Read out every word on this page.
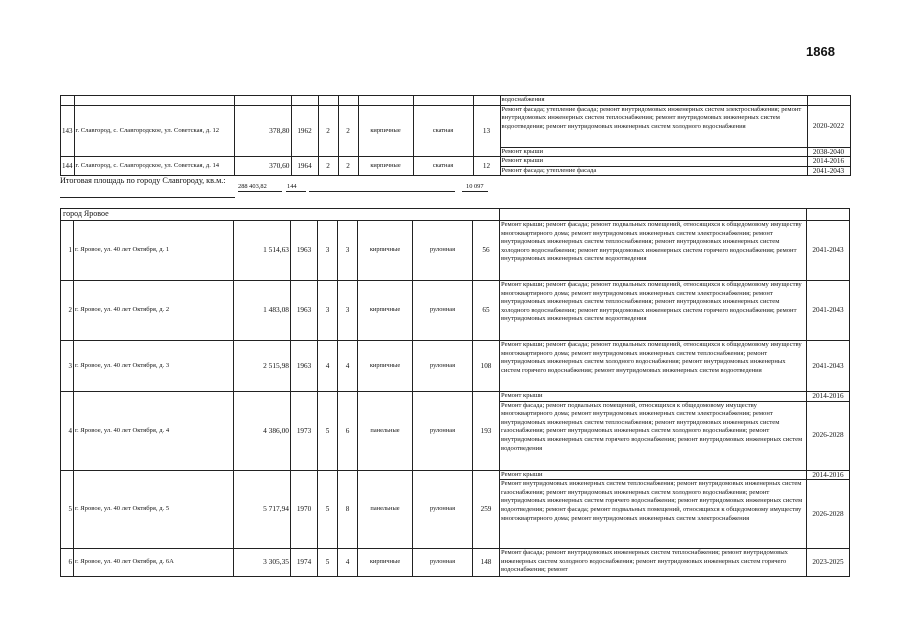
1868
									водоснабжения	
143	г. Славгород, с. Славгородское, ул. Советская, д. 12	378,80	1962	2	2	кирпичные	скатная	13	Ремонт фасада; утепление фасада; ремонт внутридомовых инженерных систем электроснабжения; ремонт внутридомовых инженерных систем теплоснабжения; ремонт внутридомовых инженерных систем водоотведения; ремонт внутридомовых инженерных систем холодного водоснабжения	2020-2022
									Ремонт крыши	2038-2040
144	г. Славгород, с. Славгородское, ул. Советская, д. 14	370,60	1964	2	2	кирпичные	скатная	12	Ремонт крыши	2014-2016
									Ремонт фасада; утепление фасада	2041-2043
Итоговая площадь по городу Славгороду, кв.м.:
288 403,82	144	10 097
город Яровое										
1	г. Яровое, ул. 40 лет Октября, д. 1	1 514,63	1963	3	3	кирпичные	рулонная	56	Ремонт крыши; ремонт фасада; ремонт подвальных помещений, относящихся к общедомовому имуществу многоквартирного дома; ремонт внутридомовых инженерных систем электроснабжения; ремонт внутридомовых инженерных систем теплоснабжения; ремонт внутридомовых инженерных систем холодного водоснабжения; ремонт внутридомовых инженерных систем горячего водоснабжения; ремонт внутридомовых инженерных систем водоотведения	2041-2043
2	г. Яровое, ул. 40 лет Октября, д. 2	1 483,08	1963	3	3	кирпичные	рулонная	65	Ремонт крыши; ремонт фасада; ремонт подвальных помещений, относящихся к общедомовому имуществу многоквартирного дома; ремонт внутридомовых инженерных систем электроснабжения; ремонт внутридомовых инженерных систем теплоснабжения; ремонт внутридомовых инженерных систем холодного водоснабжения; ремонт внутридомовых инженерных систем горячего водоснабжения; ремонт внутридомовых инженерных систем водоотведения	2041-2043
3	г. Яровое, ул. 40 лет Октября, д. 3	2 515,98	1963	4	4	кирпичные	рулонная	108	Ремонт крыши; ремонт фасада; ремонт подвальных помещений, относящихся к общедомовому имуществу многоквартирного дома; ремонт внутридомовых инженерных систем теплоснабжения; ремонт внутридомовых инженерных систем холодного водоснабжения; ремонт внутридомовых инженерных систем горячего водоснабжения; ремонт внутридомовых инженерных систем водоотведения	2041-2043
4	г. Яровое, ул. 40 лет Октября, д. 4	4 386,00	1973	5	6	панельные	рулонная	193	Ремонт крыши	2014-2016
									Ремонт фасада; ремонт подвальных помещений, относящихся к общедомовому имуществу многоквартирного дома; ремонт внутридомовых инженерных систем электроснабжения; ремонт внутридомовых инженерных систем теплоснабжения; ремонт внутридомовых инженерных систем газоснабжения; ремонт внутридомовых инженерных систем холодного водоснабжения; ремонт внутридомовых инженерных систем горячего водоснабжения; ремонт внутридомовых инженерных систем водоотведения	2026-2028
5	г. Яровое, ул. 40 лет Октября, д. 5	5 717,94	1970	5	8	панельные	рулонная	259	Ремонт крыши	2014-2016
									Ремонт внутридомовых инженерных систем теплоснабжения; ремонт внутридомовых инженерных систем газоснабжения; ремонт внутридомовых инженерных систем холодного водоснабжения; ремонт внутридомовых инженерных систем горячего водоснабжения; ремонт внутридомовых инженерных систем водоотведения; ремонт фасада; ремонт подвальных помещений, относящихся к общедомовому имуществу многоквартирного дома; ремонт внутридомовых инженерных систем электроснабжения	2026-2028
6	г. Яровое, ул. 40 лет Октября, д. 6А	3 305,35	1974	5	4	кирпичные	рулонная	148	Ремонт фасада; ремонт внутридомовых инженерных систем теплоснабжения; ремонт внутридомовых инженерных систем холодного водоснабжения; ремонт внутридомовых инженерных систем горячего водоснабжения; ремонт	2023-2025
